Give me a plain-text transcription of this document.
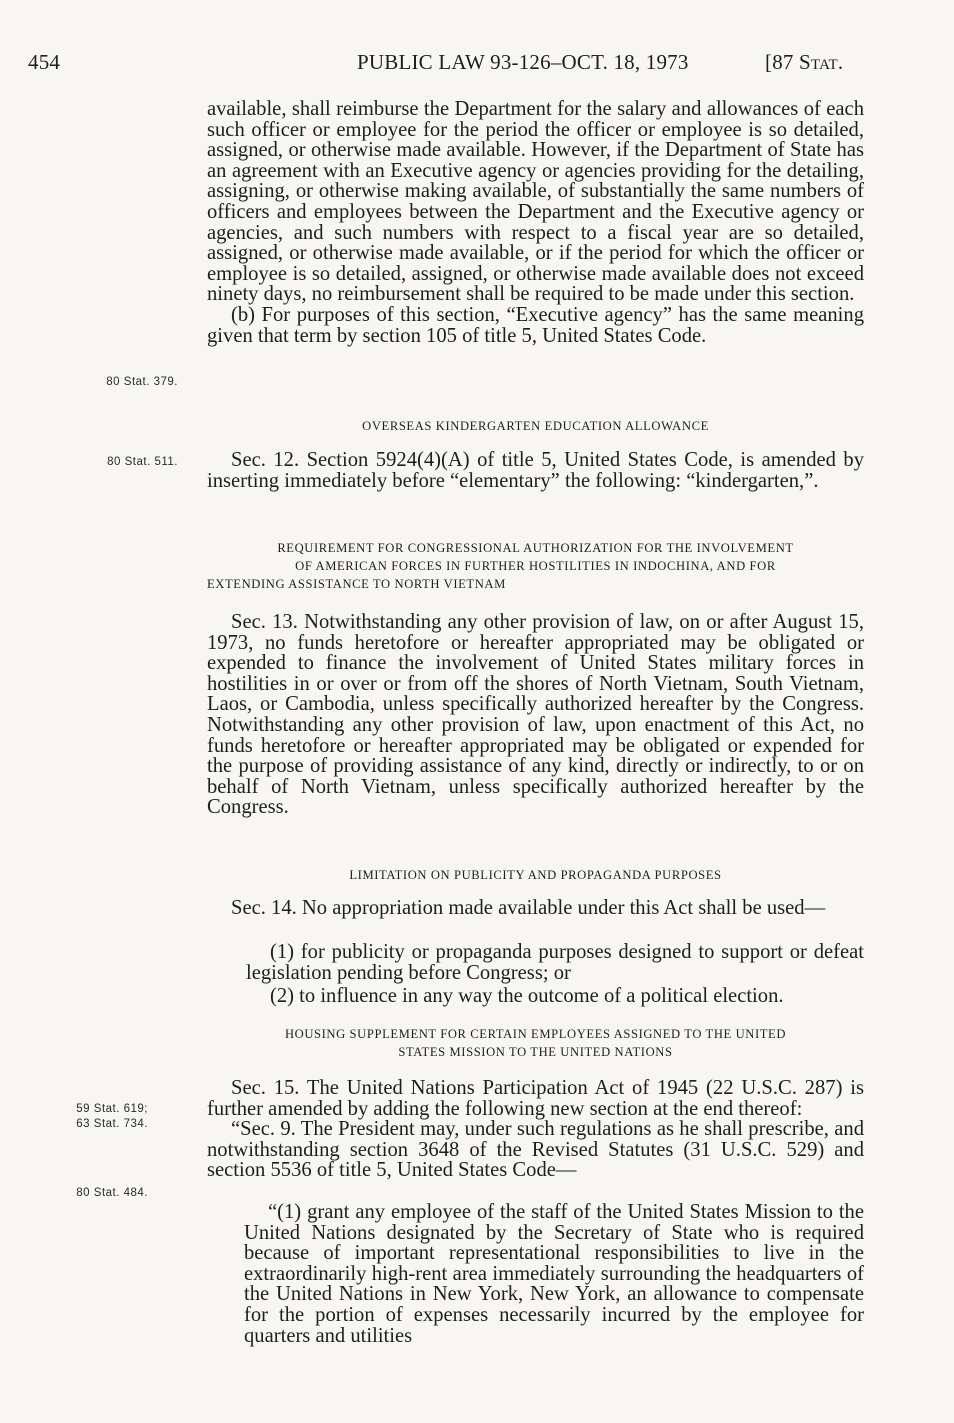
454	PUBLIC LAW 93-126–OCT. 18, 1973	[87 Stat.

available, shall reimburse the Department for the salary and allowances of each such officer or employee for the period the officer or employee is so detailed, assigned, or otherwise made available. However, if the Department of State has an agreement with an Executive agency or agencies providing for the detailing, assigning, or otherwise making available, of substantially the same numbers of officers and employees between the Department and the Executive agency or agencies, and such numbers with respect to a fiscal year are so detailed, assigned, or otherwise made available, or if the period for which the officer or employee is so detailed, assigned, or otherwise made available does not exceed ninety days, no reimbursement shall be required to be made under this section.

(b) For purposes of this section, “Executive agency” has the same meaning given that term by section 105 of title 5, United States Code.

80 Stat. 379.
OVERSEAS KINDERGARTEN EDUCATION ALLOWANCE

Sec. 12. Section 5924(4)(A) of title 5, United States Code, is amended by inserting immediately before “elementary” the following: “kindergarten,”.

80 Stat. 511.
REQUIREMENT FOR CONGRESSIONAL AUTHORIZATION FOR THE INVOLVEMENT
OF AMERICAN FORCES IN FURTHER HOSTILITIES IN INDOCHINA, AND FOR
EXTENDING ASSISTANCE TO NORTH VIETNAM

Sec. 13. Notwithstanding any other provision of law, on or after August 15, 1973, no funds heretofore or hereafter appropriated may be obligated or expended to finance the involvement of United States military forces in hostilities in or over or from off the shores of North Vietnam, South Vietnam, Laos, or Cambodia, unless specifically authorized hereafter by the Congress. Notwithstanding any other provision of law, upon enactment of this Act, no funds heretofore or hereafter appropriated may be obligated or expended for the purpose of providing assistance of any kind, directly or indirectly, to or on behalf of North Vietnam, unless specifically authorized hereafter by the Congress.

LIMITATION ON PUBLICITY AND PROPAGANDA PURPOSES

Sec. 14. No appropriation made available under this Act shall be used—

(1) for publicity or propaganda purposes designed to support or defeat legislation pending before Congress; or
(2) to influence in any way the outcome of a political election.
HOUSING SUPPLEMENT FOR CERTAIN EMPLOYEES ASSIGNED TO THE UNITED
STATES MISSION TO THE UNITED NATIONS

Sec. 15. The United Nations Participation Act of 1945 (22 U.S.C. 287) is further amended by adding the following new section at the end thereof:

“Sec. 9. The President may, under such regulations as he shall prescribe, and notwithstanding section 3648 of the Revised Statutes (31 U.S.C. 529) and section 5536 of title 5, United States Code—

“(1) grant any employee of the staff of the United States Mission to the United Nations designated by the Secretary of State who is required because of important representational responsibilities to live in the extraordinarily high-rent area immediately surrounding the headquarters of the United Nations in New York, New York, an allowance to compensate for the portion of expenses necessarily incurred by the employee for quarters and utilities
59 Stat. 619;
63 Stat. 734.
80 Stat. 484.
